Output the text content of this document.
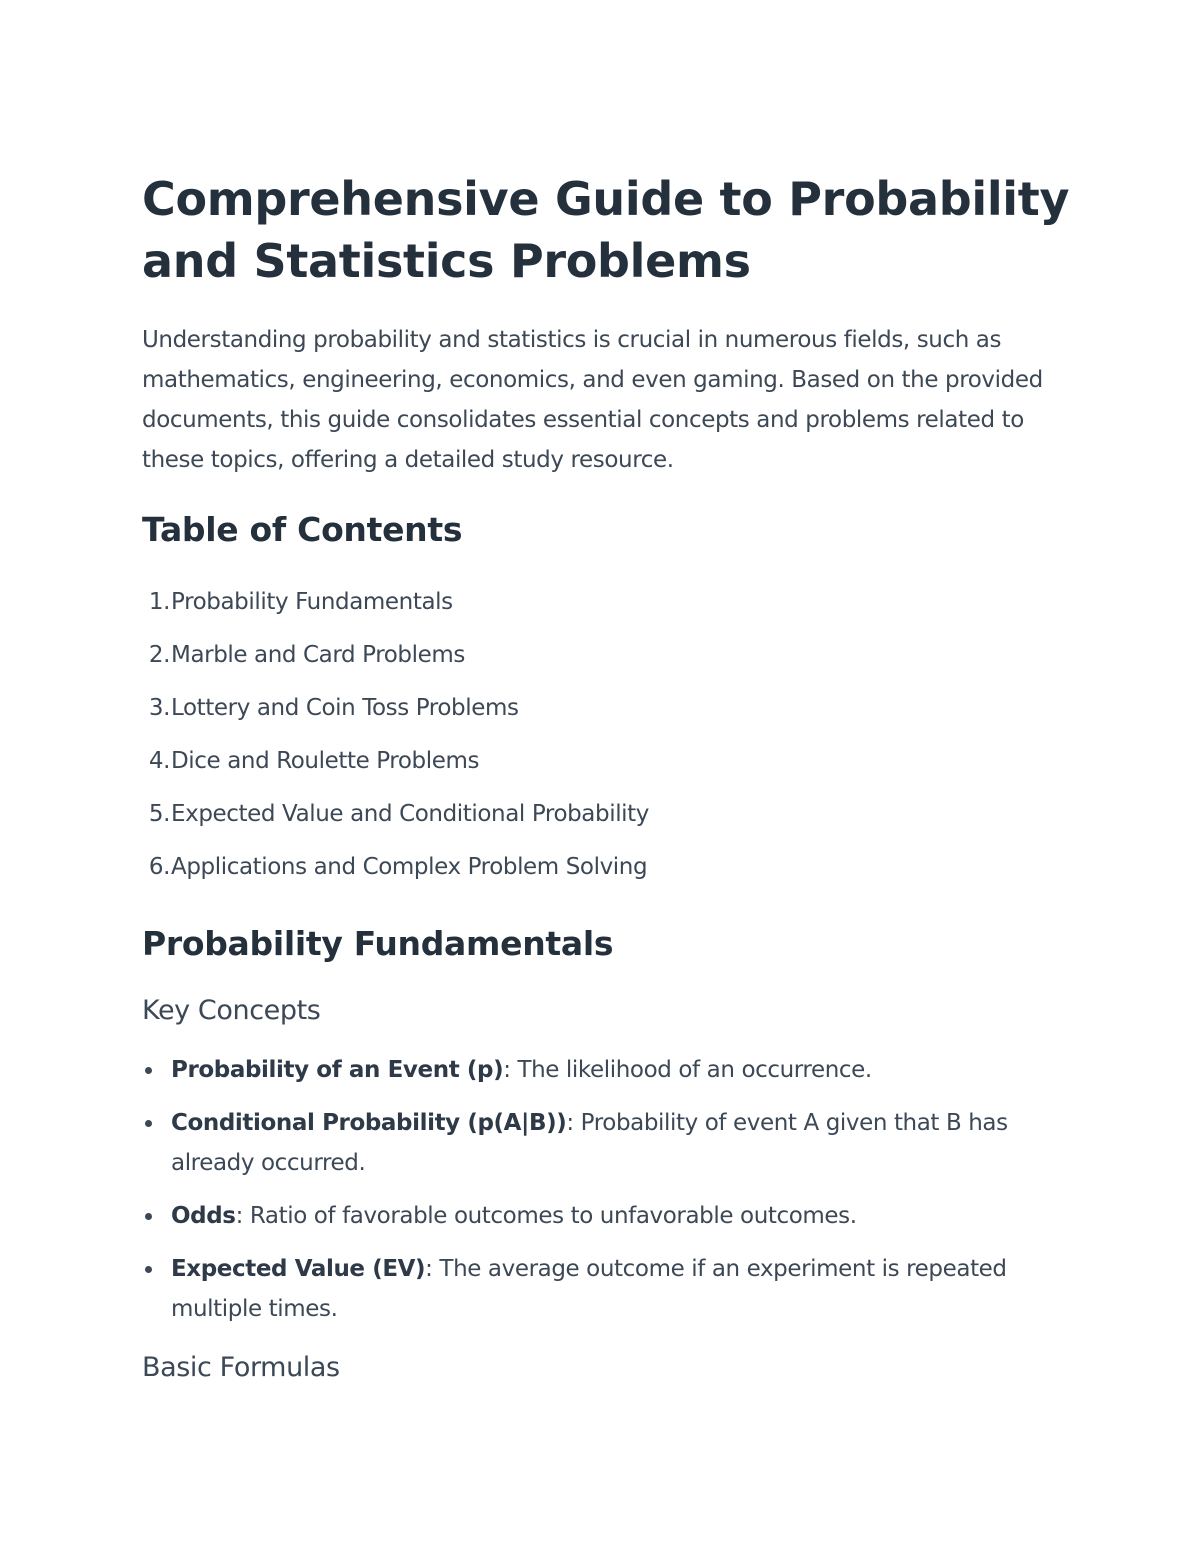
Comprehensive Guide to Probability and Statistics Problems

Understanding probability and statistics is crucial in numerous fields, such as mathematics, engineering, economics, and even gaming. Based on the provided documents, this guide consolidates essential concepts and problems related to these topics, offering a detailed study resource.

Table of Contents
1. Probability Fundamentals
2. Marble and Card Problems
3. Lottery and Coin Toss Problems
4. Dice and Roulette Problems
5. Expected Value and Conditional Probability
6. Applications and Complex Problem Solving
Probability Fundamentals
Key Concepts
Probability of an Event (p): The likelihood of an occurrence.
Conditional Probability (p(A|B)): Probability of event A given that B has already occurred.
Odds: Ratio of favorable outcomes to unfavorable outcomes.
Expected Value (EV): The average outcome if an experiment is repeated multiple times.
Basic Formulas
